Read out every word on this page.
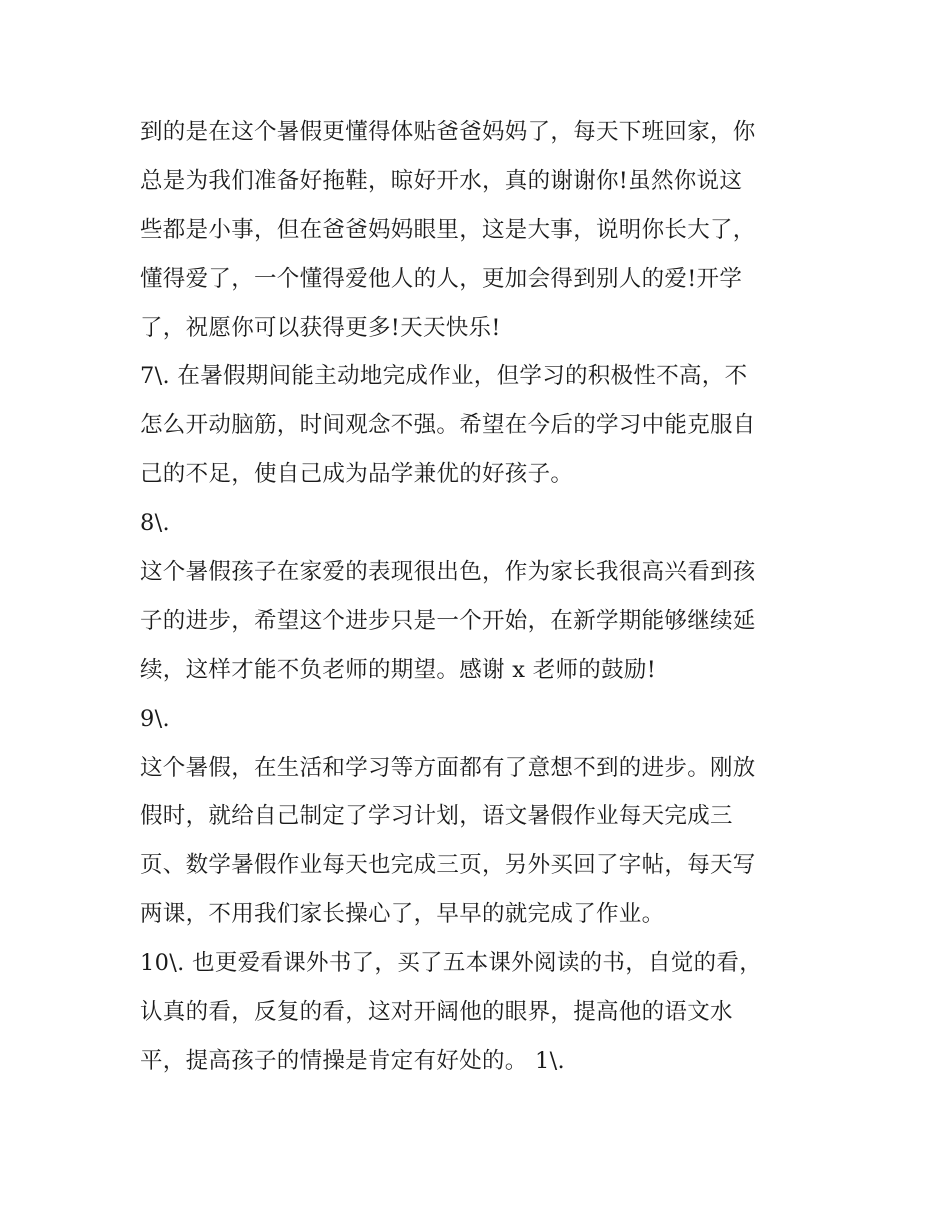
到的是在这个暑假更懂得体贴爸爸妈妈了，每天下班回家，你
总是为我们准备好拖鞋，晾好开水，真的谢谢你!虽然你说这
些都是小事，但在爸爸妈妈眼里，这是大事，说明你长大了，
懂得爱了，一个懂得爱他人的人，更加会得到别人的爱!开学
了，祝愿你可以获得更多!天天快乐!
7\. 在暑假期间能主动地完成作业，但学习的积极性不高，不
怎么开动脑筋，时间观念不强。希望在今后的学习中能克服自
己的不足，使自己成为品学兼优的好孩子。
8\.
这个暑假孩子在家爱的表现很出色，作为家长我很高兴看到孩
子的进步，希望这个进步只是一个开始，在新学期能够继续延
续，这样才能不负老师的期望。感谢 x 老师的鼓励!
9\.
这个暑假，在生活和学习等方面都有了意想不到的进步。刚放
假时，就给自己制定了学习计划，语文暑假作业每天完成三
页、数学暑假作业每天也完成三页，另外买回了字帖，每天写
两课，不用我们家长操心了，早早的就完成了作业。
10\. 也更爱看课外书了，买了五本课外阅读的书，自觉的看，
认真的看，反复的看，这对开阔他的眼界，提高他的语文水
平，提高孩子的情操是肯定有好处的。 1\.
